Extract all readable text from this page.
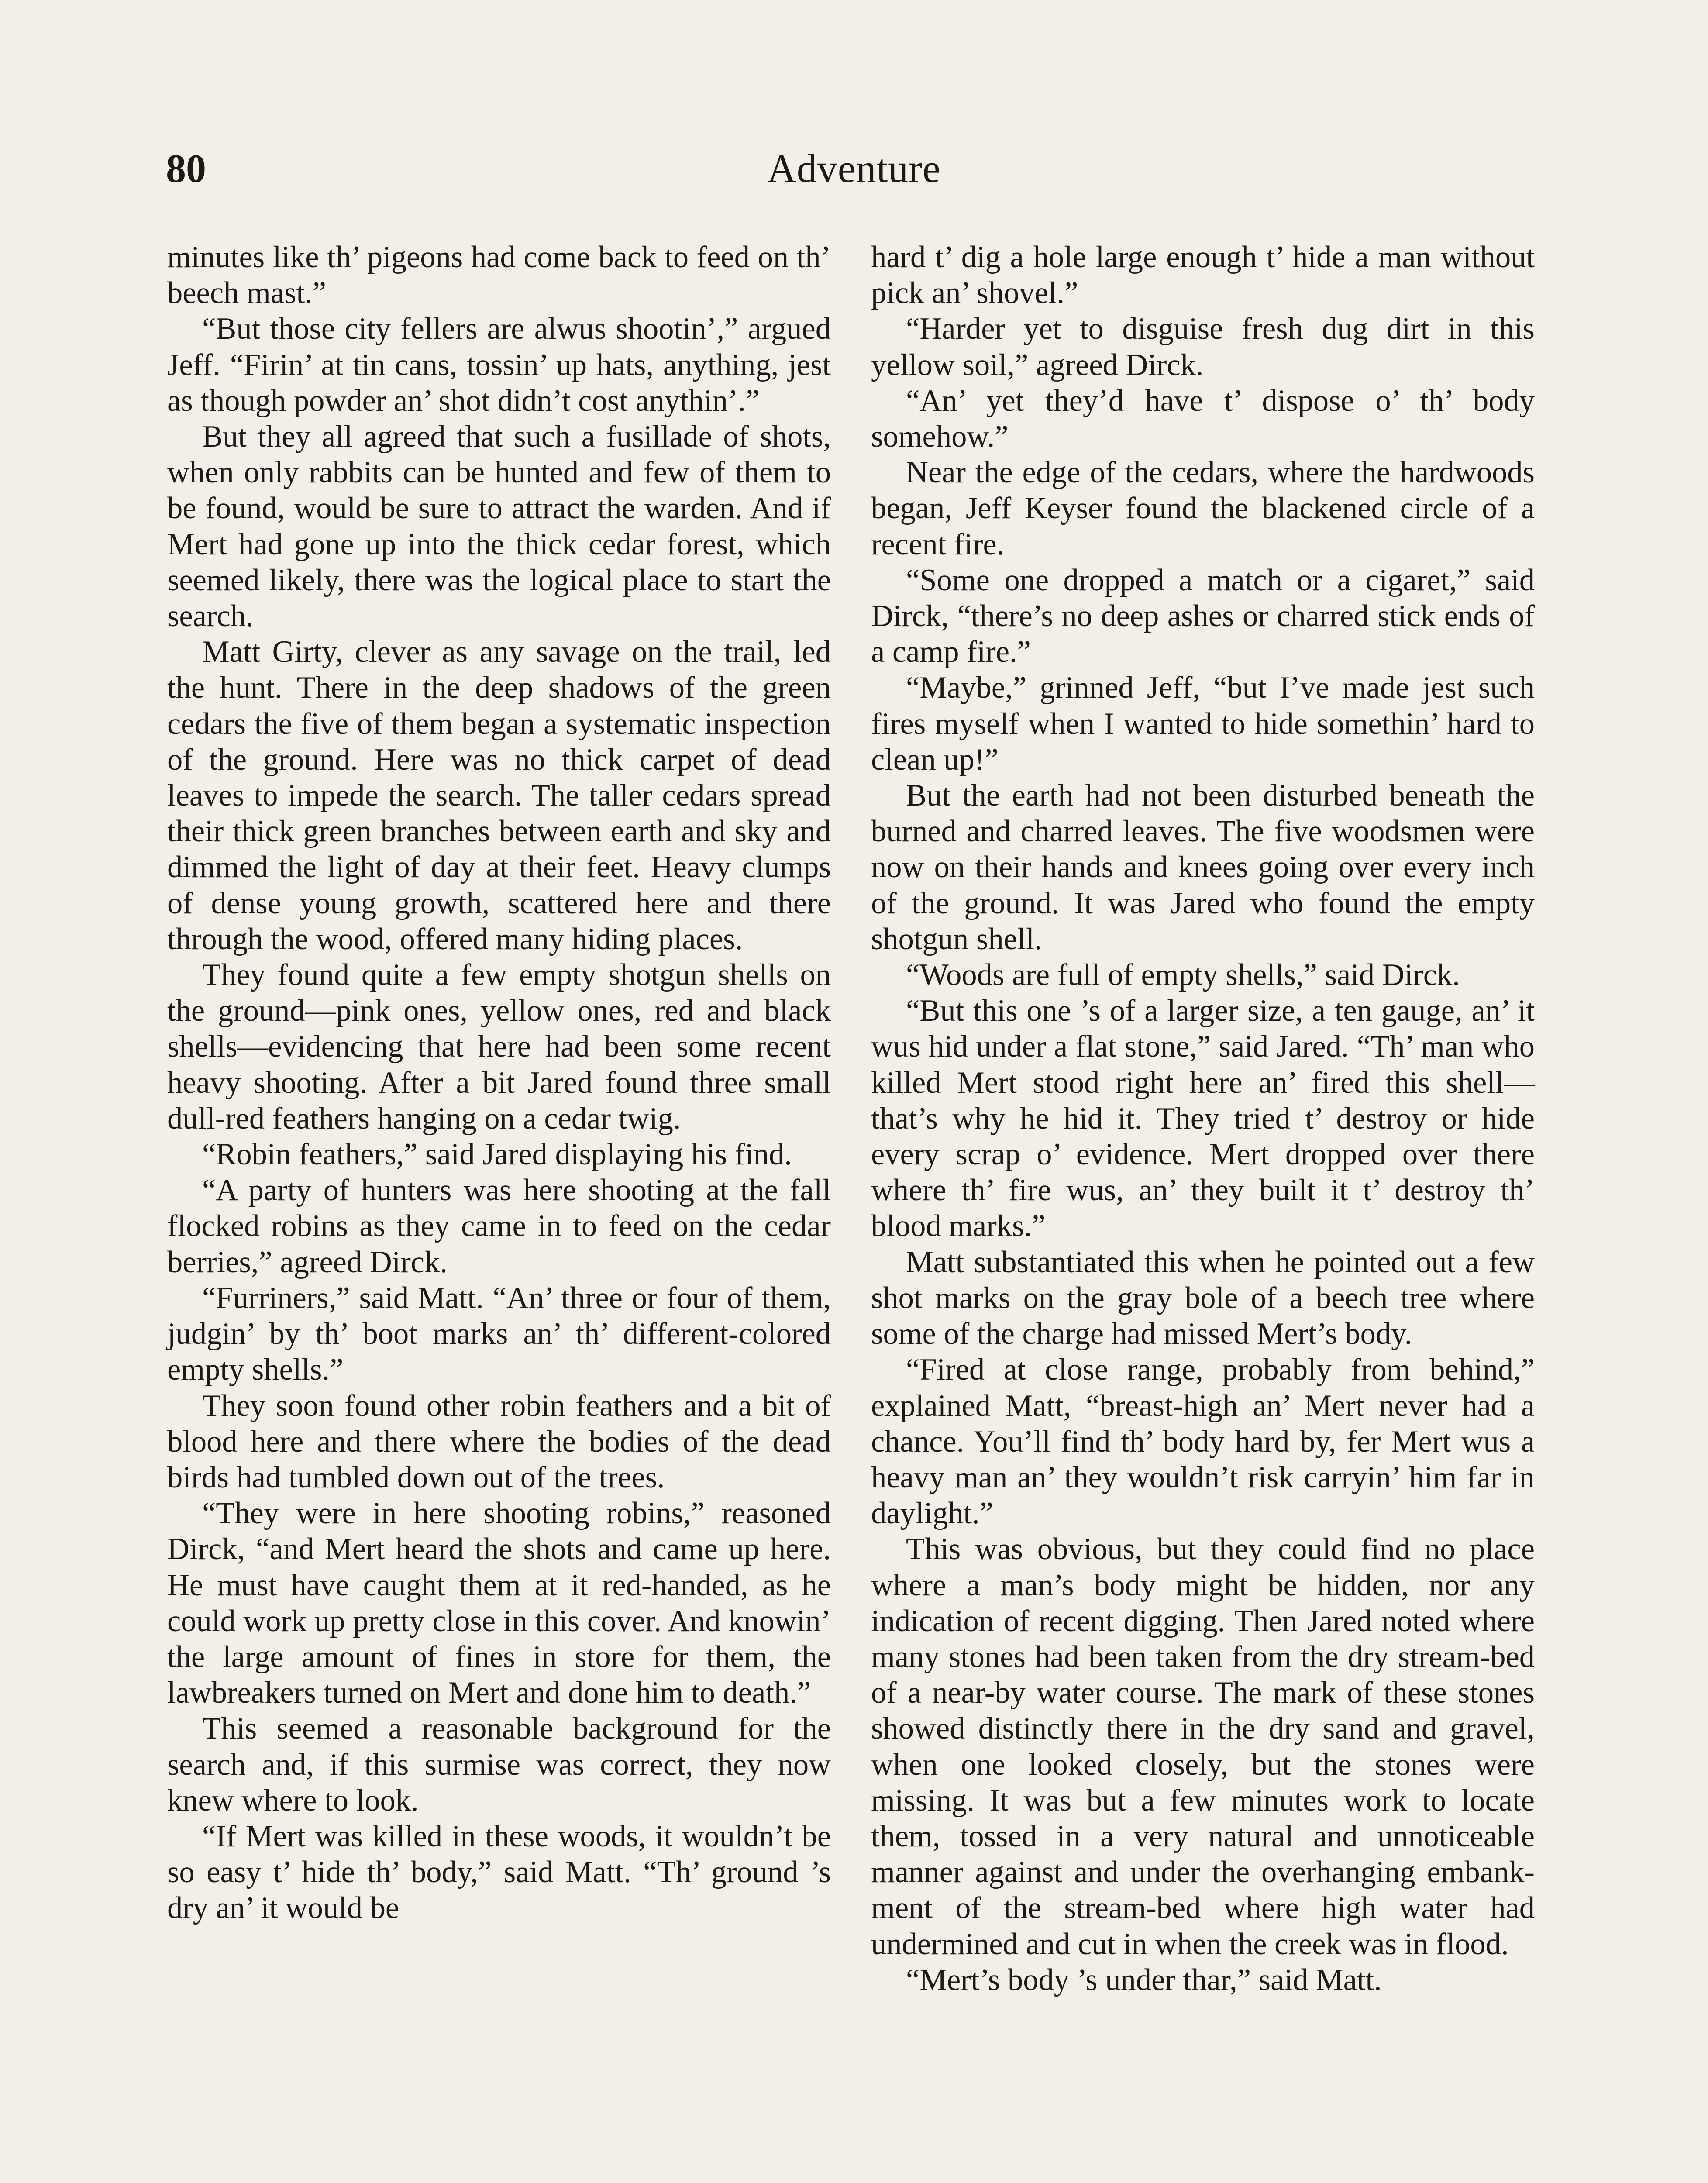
80	Adventure

minutes like th’ pigeons had come back to feed on th’ beech mast.”

“But those city fellers are alwus shootin’,” argued Jeff. “Firin’ at tin cans, tossin’ up hats, anything, jest as though powder an’ shot didn’t cost anythin’.”

But they all agreed that such a fusillade of shots, when only rabbits can be hunted and few of them to be found, would be sure to attract the warden. And if Mert had gone up into the thick cedar forest, which seemed likely, there was the logical place to start the search.

Matt Girty, clever as any savage on the trail, led the hunt. There in the deep shadows of the green cedars the five of them began a systematic inspection of the ground. Here was no thick carpet of dead leaves to impede the search. The taller cedars spread their thick green branches between earth and sky and dimmed the light of day at their feet. Heavy clumps of dense young growth, scattered here and there through the wood, offered many hiding places.

They found quite a few empty shotgun shells on the ground—pink ones, yellow ones, red and black shells—evidencing that here had been some recent heavy shooting. After a bit Jared found three small dull-red feathers hanging on a cedar twig.

“Robin feathers,” said Jared displaying his find.

“A party of hunters was here shooting at the fall flocked robins as they came in to feed on the cedar berries,” agreed Dirck.

“Furriners,” said Matt. “An’ three or four of them, judgin’ by th’ boot marks an’ th’ different-colored empty shells.”

They soon found other robin feathers and a bit of blood here and there where the bodies of the dead birds had tumbled down out of the trees.

“They were in here shooting robins,” reasoned Dirck, “and Mert heard the shots and came up here. He must have caught them at it red-handed, as he could work up pretty close in this cover. And knowin’ the large amount of fines in store for them, the lawbreakers turned on Mert and done him to death.”

This seemed a reasonable background for the search and, if this surmise was correct, they now knew where to look.

“If Mert was killed in these woods, it wouldn’t be so easy t’ hide th’ body,” said Matt. “Th’ ground ’s dry an’ it would be

hard t’ dig a hole large enough t’ hide a man without pick an’ shovel.”

“Harder yet to disguise fresh dug dirt in this yellow soil,” agreed Dirck.

“An’ yet they’d have t’ dispose o’ th’ body somehow.”

Near the edge of the cedars, where the hardwoods began, Jeff Keyser found the blackened circle of a recent fire.

“Some one dropped a match or a cigaret,” said Dirck, “there’s no deep ashes or charred stick ends of a camp fire.”

“Maybe,” grinned Jeff, “but I’ve made jest such fires myself when I wanted to hide somethin’ hard to clean up!”

But the earth had not been disturbed beneath the burned and charred leaves. The five woodsmen were now on their hands and knees going over every inch of the ground. It was Jared who found the empty shotgun shell.

“Woods are full of empty shells,” said Dirck.

“But this one ’s of a larger size, a ten gauge, an’ it wus hid under a flat stone,” said Jared. “Th’ man who killed Mert stood right here an’ fired this shell—that’s why he hid it. They tried t’ destroy or hide every scrap o’ evidence. Mert dropped over there where th’ fire wus, an’ they built it t’ destroy th’ blood marks.”

Matt substantiated this when he pointed out a few shot marks on the gray bole of a beech tree where some of the charge had missed Mert’s body.

“Fired at close range, probably from behind,” explained Matt, “breast-high an’ Mert never had a chance. You’ll find th’ body hard by, fer Mert wus a heavy man an’ they wouldn’t risk carryin’ him far in daylight.”

This was obvious, but they could find no place where a man’s body might be hidden, nor any indication of recent digging. Then Jared noted where many stones had been taken from the dry stream-bed of a near-by water course. The mark of these stones showed distinctly there in the dry sand and gravel, when one looked closely, but the stones were missing. It was but a few minutes work to locate them, tossed in a very natural and unnoticeable manner against and under the overhanging embankment of the stream-bed where high water had undermined and cut in when the creek was in flood.

“Mert’s body ’s under thar,” said Matt.
